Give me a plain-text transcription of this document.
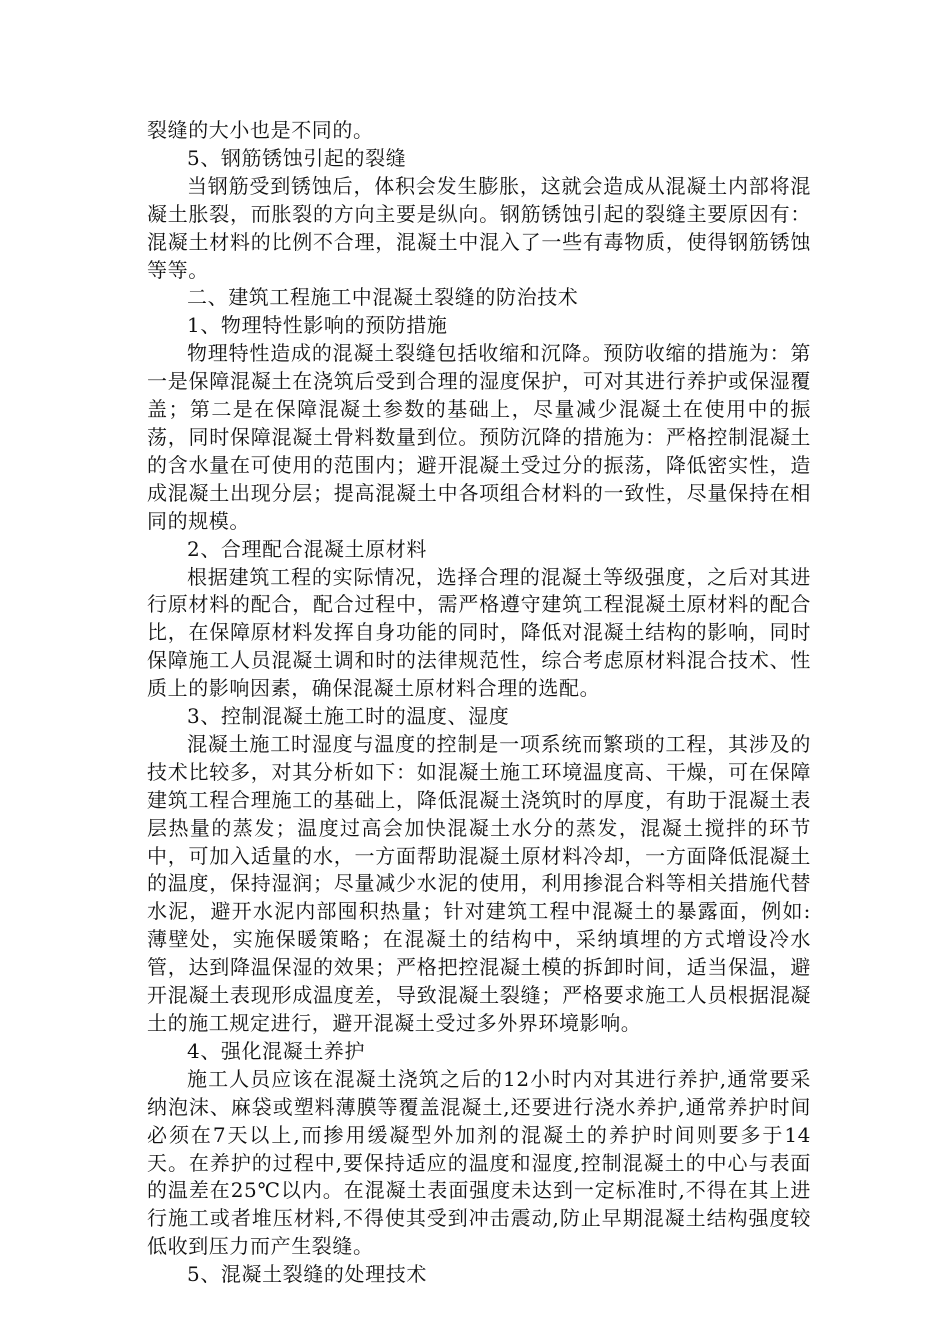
裂缝的大小也是不同的。

5、钢筋锈蚀引起的裂缝

当钢筋受到锈蚀后，体积会发生膨胀，这就会造成从混凝土内部将混凝土胀裂，而胀裂的方向主要是纵向。钢筋锈蚀引起的裂缝主要原因有：混凝土材料的比例不合理，混凝土中混入了一些有毒物质，使得钢筋锈蚀等等。

二、建筑工程施工中混凝土裂缝的防治技术

1、物理特性影响的预防措施

物理特性造成的混凝土裂缝包括收缩和沉降。预防收缩的措施为：第一是保障混凝土在浇筑后受到合理的湿度保护，可对其进行养护或保湿覆盖；第二是在保障混凝土参数的基础上，尽量减少混凝土在使用中的振荡，同时保障混凝土骨料数量到位。预防沉降的措施为：严格控制混凝土的含水量在可使用的范围内；避开混凝土受过分的振荡，降低密实性，造成混凝土出现分层；提高混凝土中各项组合材料的一致性，尽量保持在相同的规模。

2、合理配合混凝土原材料

根据建筑工程的实际情况，选择合理的混凝土等级强度，之后对其进行原材料的配合，配合过程中，需严格遵守建筑工程混凝土原材料的配合比，在保障原材料发挥自身功能的同时，降低对混凝土结构的影响，同时保障施工人员混凝土调和时的法律规范性，综合考虑原材料混合技术、性质上的影响因素，确保混凝土原材料合理的选配。

3、控制混凝土施工时的温度、湿度

混凝土施工时湿度与温度的控制是一项系统而繁琐的工程，其涉及的技术比较多，对其分析如下：如混凝土施工环境温度高、干燥，可在保障建筑工程合理施工的基础上，降低混凝土浇筑时的厚度，有助于混凝土表层热量的蒸发；温度过高会加快混凝土水分的蒸发，混凝土搅拌的环节中，可加入适量的水，一方面帮助混凝土原材料冷却，一方面降低混凝土的温度，保持湿润；尽量减少水泥的使用，利用掺混合料等相关措施代替水泥，避开水泥内部囤积热量；针对建筑工程中混凝土的暴露面，例如:薄壁处，实施保暖策略；在混凝土的结构中，采纳填埋的方式增设冷水管，达到降温保湿的效果；严格把控混凝土模的拆卸时间，适当保温，避开混凝土表现形成温度差，导致混凝土裂缝；严格要求施工人员根据混凝土的施工规定进行，避开混凝土受过多外界环境影响。

4、强化混凝土养护

施工人员应该在混凝土浇筑之后的12小时内对其进行养护,通常要采纳泡沫、麻袋或塑料薄膜等覆盖混凝土,还要进行浇水养护,通常养护时间必须在7天以上,而掺用缓凝型外加剂的混凝土的养护时间则要多于14天。在养护的过程中,要保持适应的温度和湿度,控制混凝土的中心与表面的温差在25℃以内。在混凝土表面强度未达到一定标准时,不得在其上进行施工或者堆压材料,不得使其受到冲击震动,防止早期混凝土结构强度较低收到压力而产生裂缝。

5、混凝土裂缝的处理技术
